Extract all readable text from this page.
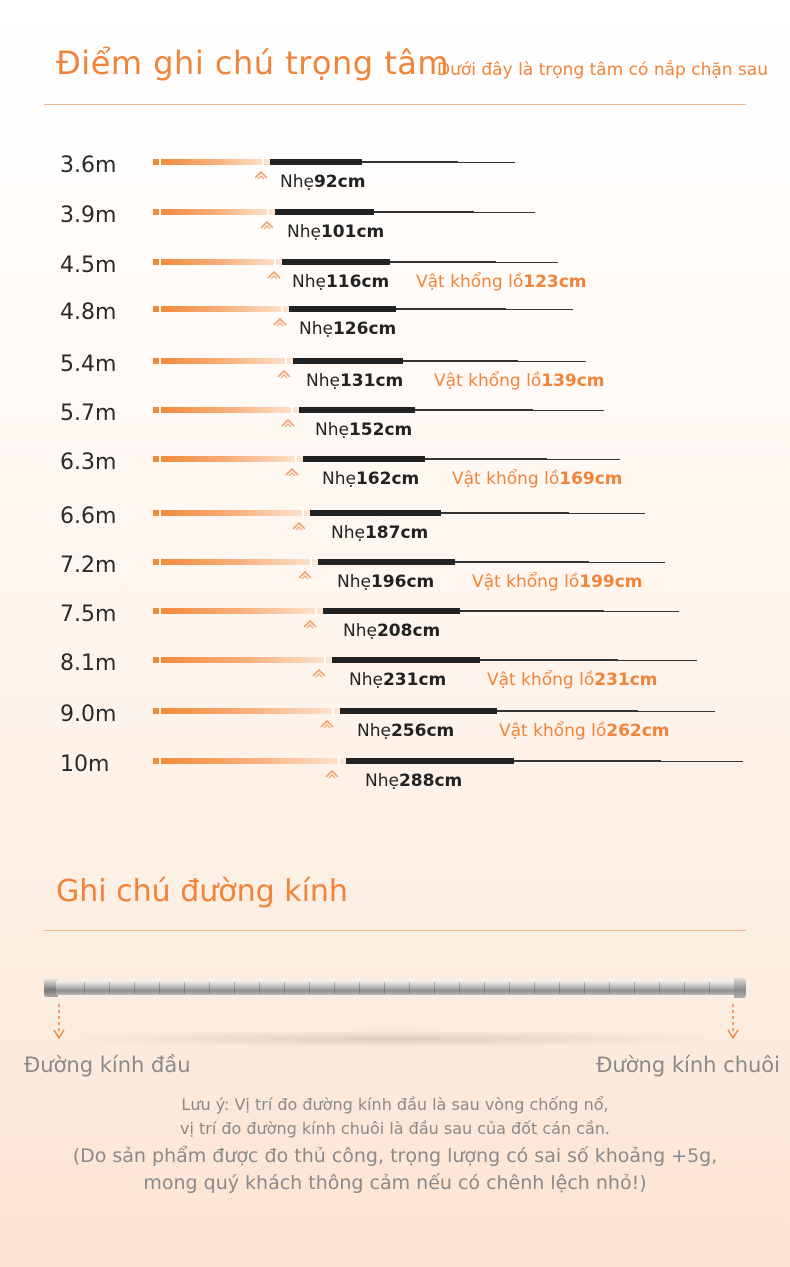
Điểm ghi chú trọng tâm
Dưới đây là trọng tâm có nắp chặn sau
3.6m
Nhẹ92cm
3.9m
Nhẹ101cm
4.5m
Nhẹ116cm Vật khổng lồ123cm
4.8m
Nhẹ126cm
5.4m
Nhẹ131cm Vật khổng lồ139cm
5.7m
Nhẹ152cm
6.3m
Nhẹ162cm Vật khổng lồ169cm
6.6m
Nhẹ187cm
7.2m
Nhẹ196cm Vật khổng lồ199cm
7.5m
Nhẹ208cm
8.1m
Nhẹ231cm Vật khổng lồ231cm
9.0m
Nhẹ256cm	Vật khổng lồ262cm
10m
Nhẹ288cm
Ghi chú đường kính
Đường kính đầu	Đường kính chuôi
Lưu ý: Vị trí đo đường kính đầu là sau vòng chống nổ,
vị trí đo đường kính chuôi là đầu sau của đốt cán cần.
(Do sản phẩm được đo thủ công, trọng lượng có sai số khoảng +5g,
mong quý khách thông cảm nếu có chênh lệch nhỏ!)
